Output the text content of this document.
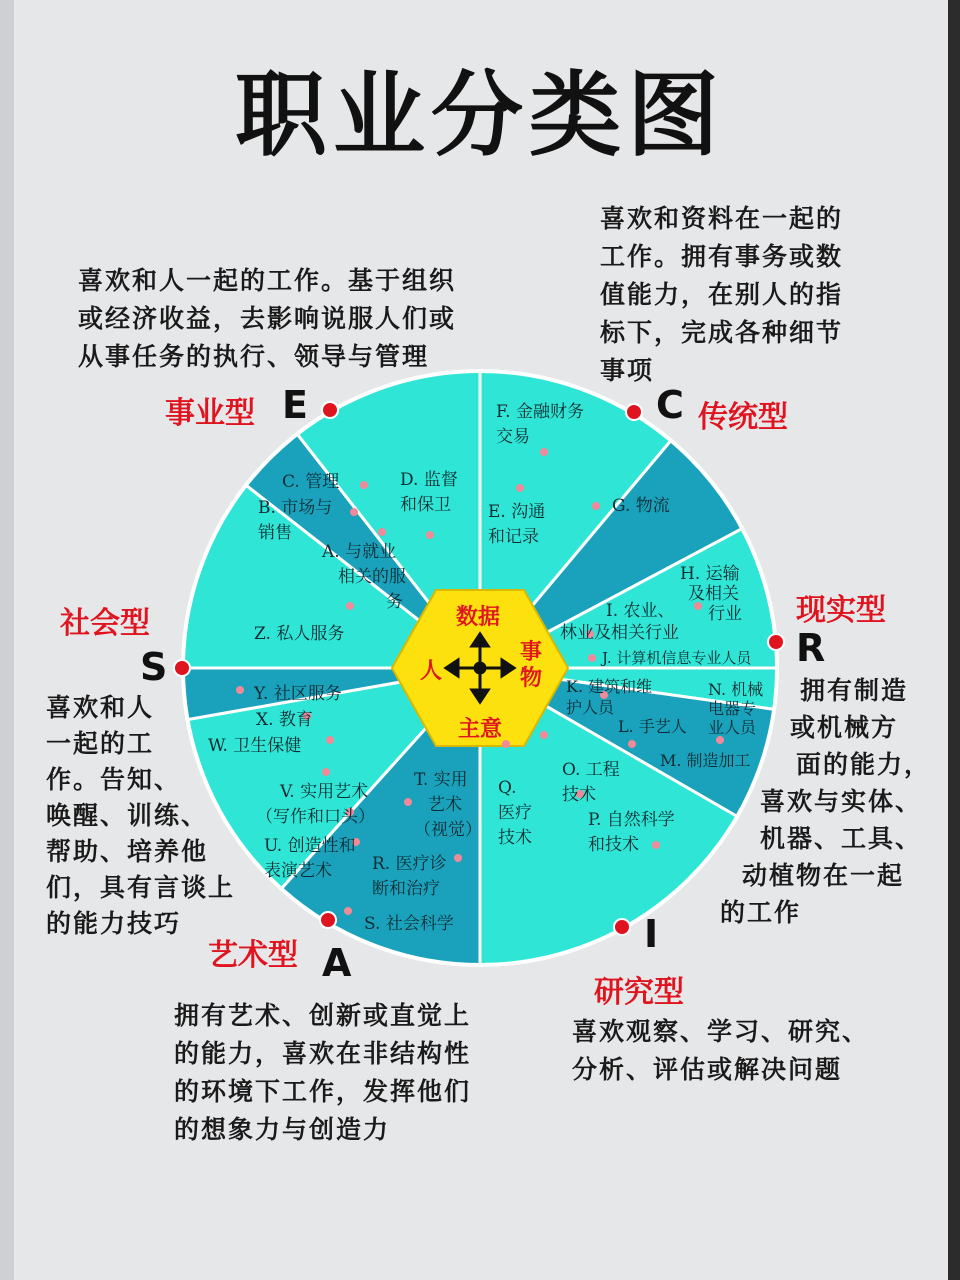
职业分类图
喜欢和人一起的工作。基于组织
或经济收益，去影响说服人们或
从事任务的执行、领导与管理
喜欢和资料在一起的
工作。拥有事务或数
值能力，在别人的指
标下，完成各种细节
事项
拥有制造
或机械方
面的能力，
喜欢与实体、
机器、工具、
动植物在一起
的工作
喜欢观察、学习、研究、
分析、评估或解决问题
拥有艺术、创新或直觉上
的能力，喜欢在非结构性
的环境下工作，发挥他们
的想象力与创造力
喜欢和人
一起的工
作。告知、
唤醒、训练、
帮助、培养他
们，具有言谈上
的能力技巧
数据
事物
主意
人
事业型 E	C 传统型
现实型
R
社会型
S
I
研究型
艺术型 A
D. 监督
和保卫
F. 金融财务
交易
E. 沟通
和记录
G. 物流
H. 运输
及相关
行业
I. 农业、
林业及相关行业
J. 计算机信息专业人员
K. 建筑和维
护人员
L. 手艺人
N. 机械
电器专
业人员
M. 制造加工
O. 工程
技术
P. 自然科学
和技术
Q.
医疗
技术
T. 实用
艺术
（视觉）
R. 医疗诊
断和治疗
S. 社会科学
V. 实用艺术
（写作和口头）
U. 创造性和
表演艺术
Y. 社区服务
X. 教育
W. 卫生保健
Z. 私人服务
C. 管理
B. 市场与
销售
A. 与就业
相关的服
务
